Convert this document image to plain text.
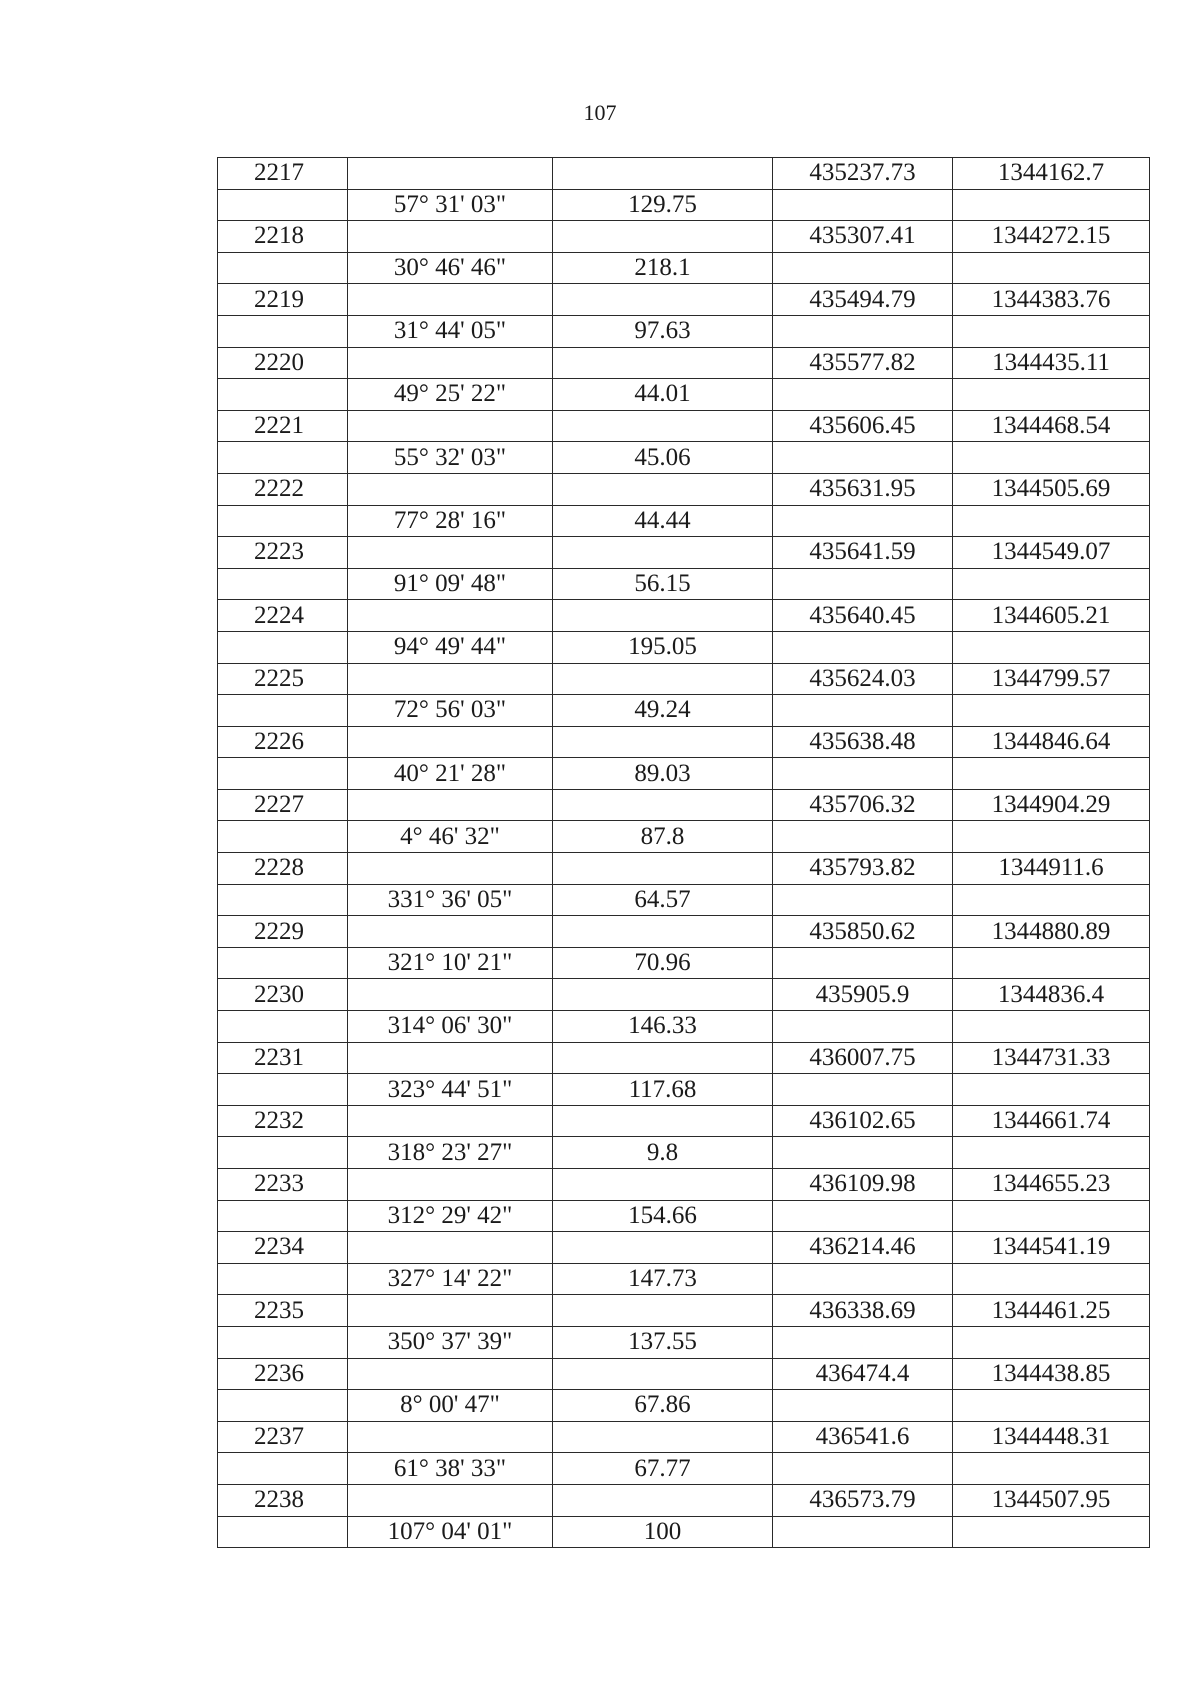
107
2217			435237.73	1344162.7
	57° 31' 03"	129.75		
2218			435307.41	1344272.15
	30° 46' 46"	218.1		
2219			435494.79	1344383.76
	31° 44' 05"	97.63		
2220			435577.82	1344435.11
	49° 25' 22"	44.01		
2221			435606.45	1344468.54
	55° 32' 03"	45.06		
2222			435631.95	1344505.69
	77° 28' 16"	44.44		
2223			435641.59	1344549.07
	91° 09' 48"	56.15		
2224			435640.45	1344605.21
	94° 49' 44"	195.05		
2225			435624.03	1344799.57
	72° 56' 03"	49.24		
2226			435638.48	1344846.64
	40° 21' 28"	89.03		
2227			435706.32	1344904.29
	4° 46' 32"	87.8		
2228			435793.82	1344911.6
	331° 36' 05"	64.57		
2229			435850.62	1344880.89
	321° 10' 21"	70.96		
2230			435905.9	1344836.4
	314° 06' 30"	146.33		
2231			436007.75	1344731.33
	323° 44' 51"	117.68		
2232			436102.65	1344661.74
	318° 23' 27"	9.8		
2233			436109.98	1344655.23
	312° 29' 42"	154.66		
2234			436214.46	1344541.19
	327° 14' 22"	147.73		
2235			436338.69	1344461.25
	350° 37' 39"	137.55		
2236			436474.4	1344438.85
	8° 00' 47"	67.86		
2237			436541.6	1344448.31
	61° 38' 33"	67.77		
2238			436573.79	1344507.95
	107° 04' 01"	100		
